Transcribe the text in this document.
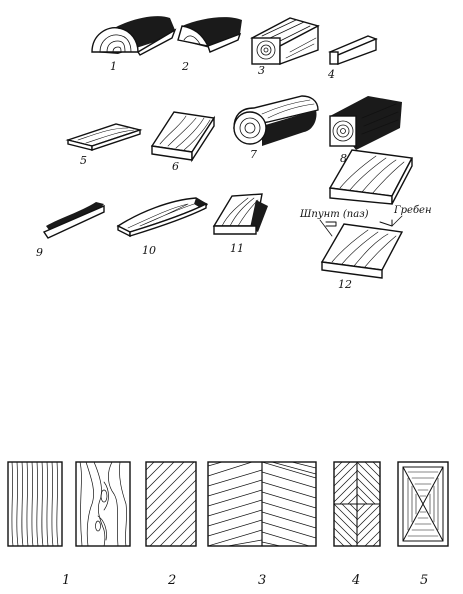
1	2	3	4
5	6
7	8
9	10	11
12
Шпунт (паз)	Гребен
1	2	3	4	5
